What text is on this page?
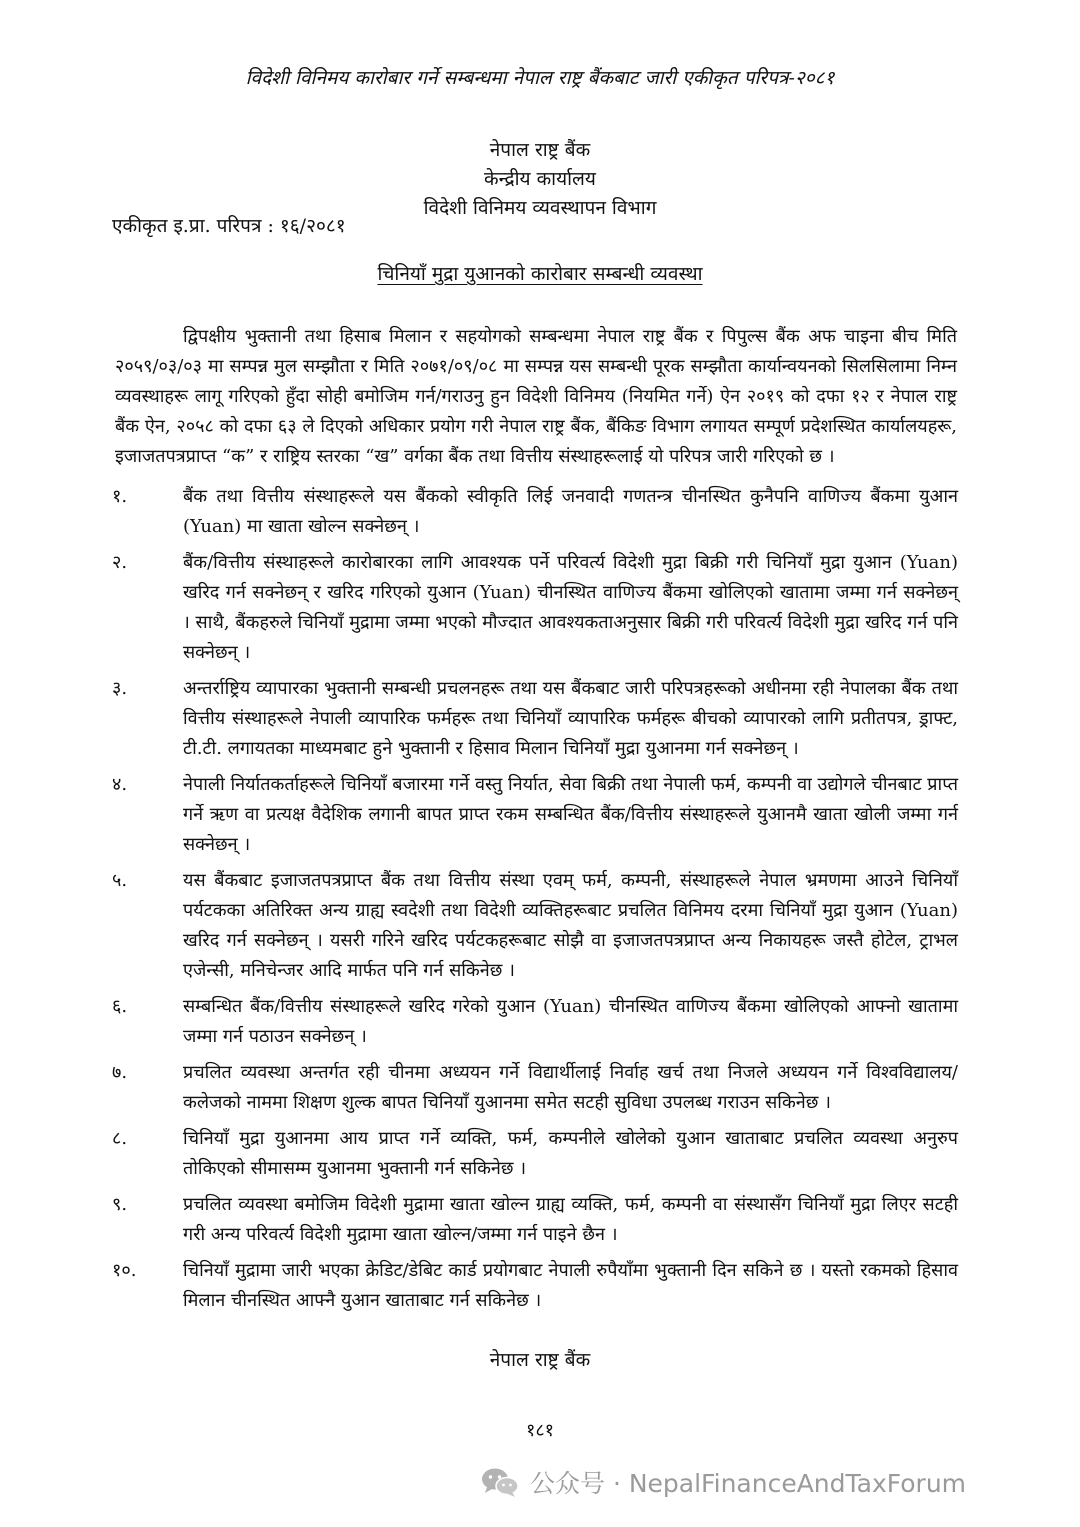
विदेशी विनिमय कारोबार गर्ने सम्बन्धमा नेपाल राष्ट्र बैंकबाट जारी एकीकृत परिपत्र-२०८१
नेपाल राष्ट्र बैंक
केन्द्रीय कार्यालय
विदेशी विनिमय व्यवस्थापन विभाग
एकीकृत इ.प्रा. परिपत्र : १६/२०८१
चिनियाँ मुद्रा युआनको कारोबार सम्बन्धी व्यवस्था

द्विपक्षीय भुक्तानी तथा हिसाब मिलान र सहयोगको सम्बन्धमा नेपाल राष्ट्र बैंक र पिपुल्स बैंक अफ चाइना बीच मिति २०५९/०३/०३ मा सम्पन्न मुल सम्झौता र मिति २०७१/०९/०८ मा सम्पन्न यस सम्बन्धी पूरक सम्झौता कार्यान्वयनको सिलसिलामा निम्न व्यवस्थाहरू लागू गरिएको हुँदा सोही बमोजिम गर्न/गराउनु हुन विदेशी विनिमय (नियमित गर्ने) ऐन २०१९ को दफा १२ र नेपाल राष्ट्र बैंक ऐन, २०५८ को दफा ६३ ले दिएको अधिकार प्रयोग गरी नेपाल राष्ट्र बैंक, बैंकिङ विभाग लगायत सम्पूर्ण प्रदेशस्थित कार्यालयहरू, इजाजतपत्रप्राप्त “क” र राष्ट्रिय स्तरका “ख” वर्गका बैंक तथा वित्तीय संस्थाहरूलाई यो परिपत्र जारी गरिएको छ ।

१.	बैंक तथा वित्तीय संस्थाहरूले यस बैंकको स्वीकृति लिई जनवादी गणतन्त्र चीनस्थित कुनैपनि वाणिज्य बैंकमा युआन (Yuan) मा खाता खोल्न सक्नेछन् ।
२.	बैंक/वित्तीय संस्थाहरूले कारोबारका लागि आवश्यक पर्ने परिवर्त्य विदेशी मुद्रा बिक्री गरी चिनियाँ मुद्रा युआन (Yuan) खरिद गर्न सक्नेछन् र खरिद गरिएको युआन (Yuan) चीनस्थित वाणिज्य बैंकमा खोलिएको खातामा जम्मा गर्न सक्नेछन् । साथै, बैंकहरुले चिनियाँ मुद्रामा जम्मा भएको मौज्दात आवश्यकताअनुसार बिक्री गरी परिवर्त्य विदेशी मुद्रा खरिद गर्न पनि सक्नेछन् ।
३.	अन्तर्राष्ट्रिय व्यापारका भुक्तानी सम्बन्धी प्रचलनहरू तथा यस बैंकबाट जारी परिपत्रहरूको अधीनमा रही नेपालका बैंक तथा वित्तीय संस्थाहरूले नेपाली व्यापारिक फर्महरू तथा चिनियाँ व्यापारिक फर्महरू बीचको व्यापारको लागि प्रतीतपत्र, ड्राफ्ट, टी.टी. लगायतका माध्यमबाट हुने भुक्तानी र हिसाव मिलान चिनियाँ मुद्रा युआनमा गर्न सक्नेछन् ।
४.	नेपाली निर्यातकर्ताहरूले चिनियाँ बजारमा गर्ने वस्तु निर्यात, सेवा बिक्री तथा नेपाली फर्म, कम्पनी वा उद्योगले चीनबाट प्राप्त गर्ने ऋण वा प्रत्यक्ष वैदेशिक लगानी बापत प्राप्त रकम सम्बन्धित बैंक/वित्तीय संस्थाहरूले युआनमै खाता खोली जम्मा गर्न सक्नेछन् ।
५.	यस बैंकबाट इजाजतपत्रप्राप्त बैंक तथा वित्तीय संस्था एवम् फर्म, कम्पनी, संस्थाहरूले नेपाल भ्रमणमा आउने चिनियाँ पर्यटकका अतिरिक्त अन्य ग्राह्य स्वदेशी तथा विदेशी व्यक्तिहरूबाट प्रचलित विनिमय दरमा चिनियाँ मुद्रा युआन (Yuan) खरिद गर्न सक्नेछन् । यसरी गरिने खरिद पर्यटकहरूबाट सोझै वा इजाजतपत्रप्राप्त अन्य निकायहरू जस्तै होटेल, ट्राभल एजेन्सी, मनिचेन्जर आदि मार्फत पनि गर्न सकिनेछ ।
६.	सम्बन्धित बैंक/वित्तीय संस्थाहरूले खरिद गरेको युआन (Yuan) चीनस्थित वाणिज्य बैंकमा खोलिएको आफ्नो खातामा जम्मा गर्न पठाउन सक्नेछन् ।
७.	प्रचलित व्यवस्था अन्तर्गत रही चीनमा अध्ययन गर्ने विद्यार्थीलाई निर्वाह खर्च तथा निजले अध्ययन गर्ने विश्वविद्यालय/कलेजको नाममा शिक्षण शुल्क बापत चिनियाँ युआनमा समेत सटही सुविधा उपलब्ध गराउन सकिनेछ ।
८.	चिनियाँ मुद्रा युआनमा आय प्राप्त गर्ने व्यक्ति, फर्म, कम्पनीले खोलेको युआन खाताबाट प्रचलित व्यवस्था अनुरुप तोकिएको सीमासम्म युआनमा भुक्तानी गर्न सकिनेछ ।
९.	प्रचलित व्यवस्था बमोजिम विदेशी मुद्रामा खाता खोल्न ग्राह्य व्यक्ति, फर्म, कम्पनी वा संस्थासँग चिनियाँ मुद्रा लिएर सटही गरी अन्य परिवर्त्य विदेशी मुद्रामा खाता खोल्न/जम्मा गर्न पाइने छैन ।
१०.	चिनियाँ मुद्रामा जारी भएका क्रेडिट/डेबिट कार्ड प्रयोगबाट नेपाली रुपैयाँमा भुक्तानी दिन सकिने छ । यस्तो रकमको हिसाव मिलान चीनस्थित आफ्नै युआन खाताबाट गर्न सकिनेछ ।
नेपाल राष्ट्र बैंक
१८१
公众号 · NepalFinanceAndTaxForum
